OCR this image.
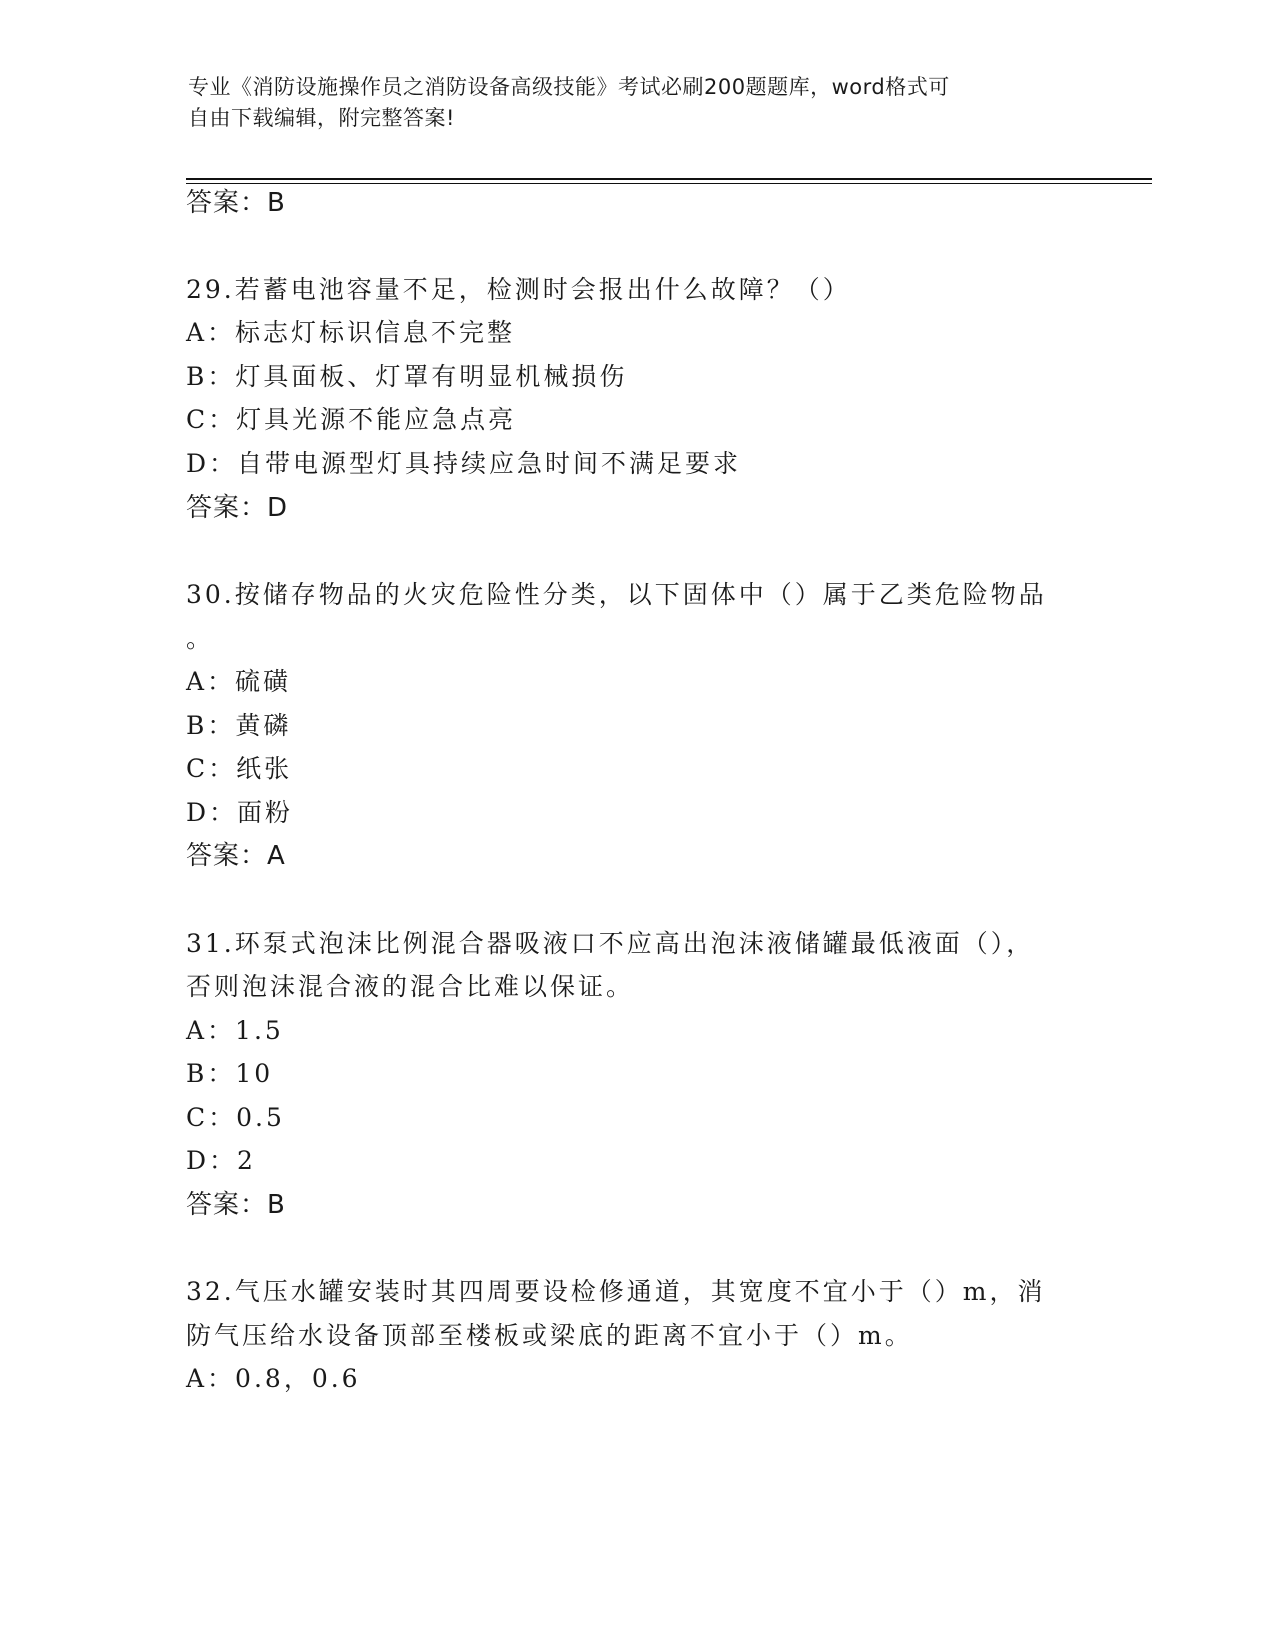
专业《消防设施操作员之消防设备高级技能》考试必刷200题题库，word格式可
自由下载编辑，附完整答案!
答案：B
29.若蓄电池容量不足，检测时会报出什么故障？（）
A：标志灯标识信息不完整
B：灯具面板、灯罩有明显机械损伤
C：灯具光源不能应急点亮
D：自带电源型灯具持续应急时间不满足要求
答案：D
30.按储存物品的火灾危险性分类，以下固体中（）属于乙类危险物品
。
A：硫磺
B：黄磷
C：纸张
D：面粉
答案：A
31.环泵式泡沫比例混合器吸液口不应高出泡沫液储罐最低液面（），
否则泡沫混合液的混合比难以保证。
A：1.5
B：10
C：0.5
D：2
答案：B
32.气压水罐安装时其四周要设检修通道，其宽度不宜小于（）m，消
防气压给水设备顶部至楼板或梁底的距离不宜小于（）m。
A：0.8，0.6
